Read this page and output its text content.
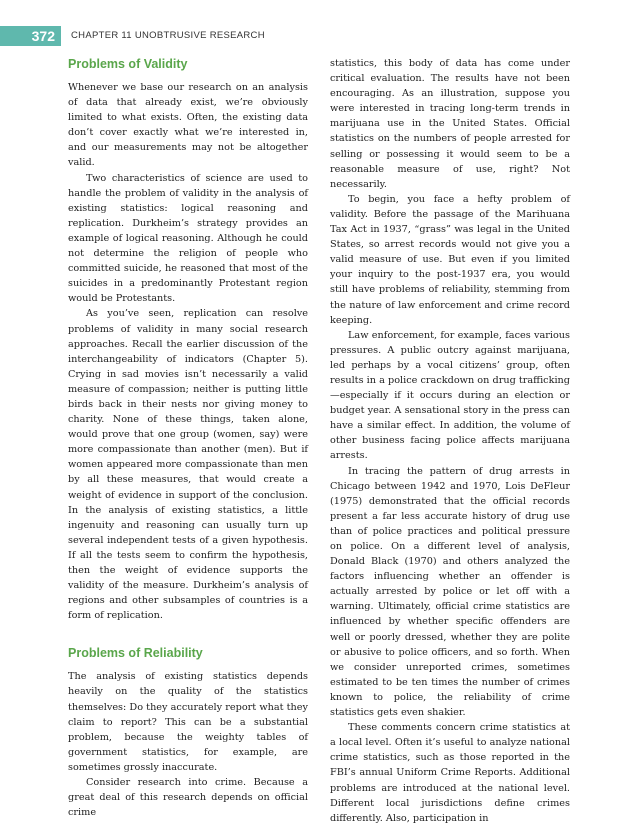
372	CHAPTER 11 UNOBTRUSIVE RESEARCH
Problems of Validity

Whenever we base our research on an analysis of data that already exist, we’re obviously limited to what exists. Often, the existing data don’t cover exactly what we’re interested in, and our measurements may not be altogether valid.

Two characteristics of science are used to handle the problem of validity in the analysis of existing statistics: logical reasoning and replication. Durkheim’s strategy provides an example of logical reasoning. Although he could not determine the religion of people who committed suicide, he reasoned that most of the suicides in a predominantly Protestant region would be Protestants.

As you’ve seen, replication can resolve problems of validity in many social research approaches. Recall the earlier discussion of the interchangeability of indicators (Chapter 5). Crying in sad movies isn’t necessarily a valid measure of compassion; neither is putting little birds back in their nests nor giving money to charity. None of these things, taken alone, would prove that one group (women, say) were more compassionate than another (men). But if women appeared more compassionate than men by all these measures, that would create a weight of evidence in support of the conclusion. In the analysis of existing statistics, a little ingenuity and reasoning can usually turn up several independent tests of a given hypothesis. If all the tests seem to confirm the hypothesis, then the weight of evidence supports the validity of the measure. Durkheim’s analysis of regions and other subsamples of countries is a form of replication.

Problems of Reliability

The analysis of existing statistics depends heavily on the quality of the statistics themselves: Do they accurately report what they claim to report? This can be a substantial problem, because the weighty tables of government statistics, for example, are sometimes grossly inaccurate.

Consider research into crime. Because a great deal of this research depends on official crime

statistics, this body of data has come under critical evaluation. The results have not been encouraging. As an illustration, suppose you were interested in tracing long-term trends in marijuana use in the United States. Official statistics on the numbers of people arrested for selling or possessing it would seem to be a reasonable measure of use, right? Not necessarily.

To begin, you face a hefty problem of validity. Before the passage of the Marihuana Tax Act in 1937, “grass” was legal in the United States, so arrest records would not give you a valid measure of use. But even if you limited your inquiry to the post-1937 era, you would still have problems of reliability, stemming from the nature of law enforcement and crime record keeping.

Law enforcement, for example, faces various pressures. A public outcry against marijuana, led perhaps by a vocal citizens’ group, often results in a police crackdown on drug trafficking—especially if it occurs during an election or budget year. A sensational story in the press can have a similar effect. In addition, the volume of other business facing police affects marijuana arrests.

In tracing the pattern of drug arrests in Chicago between 1942 and 1970, Lois DeFleur (1975) demonstrated that the official records present a far less accurate history of drug use than of police practices and political pressure on police. On a different level of analysis, Donald Black (1970) and others analyzed the factors influencing whether an offender is actually arrested by police or let off with a warning. Ultimately, official crime statistics are influenced by whether specific offenders are well or poorly dressed, whether they are polite or abusive to police officers, and so forth. When we consider unreported crimes, sometimes estimated to be ten times the number of crimes known to police, the reliability of crime statistics gets even shakier.

These comments concern crime statistics at a local level. Often it’s useful to analyze national crime statistics, such as those reported in the FBI’s annual Uniform Crime Reports. Additional problems are introduced at the national level. Different local jurisdictions define crimes differently. Also, participation in
